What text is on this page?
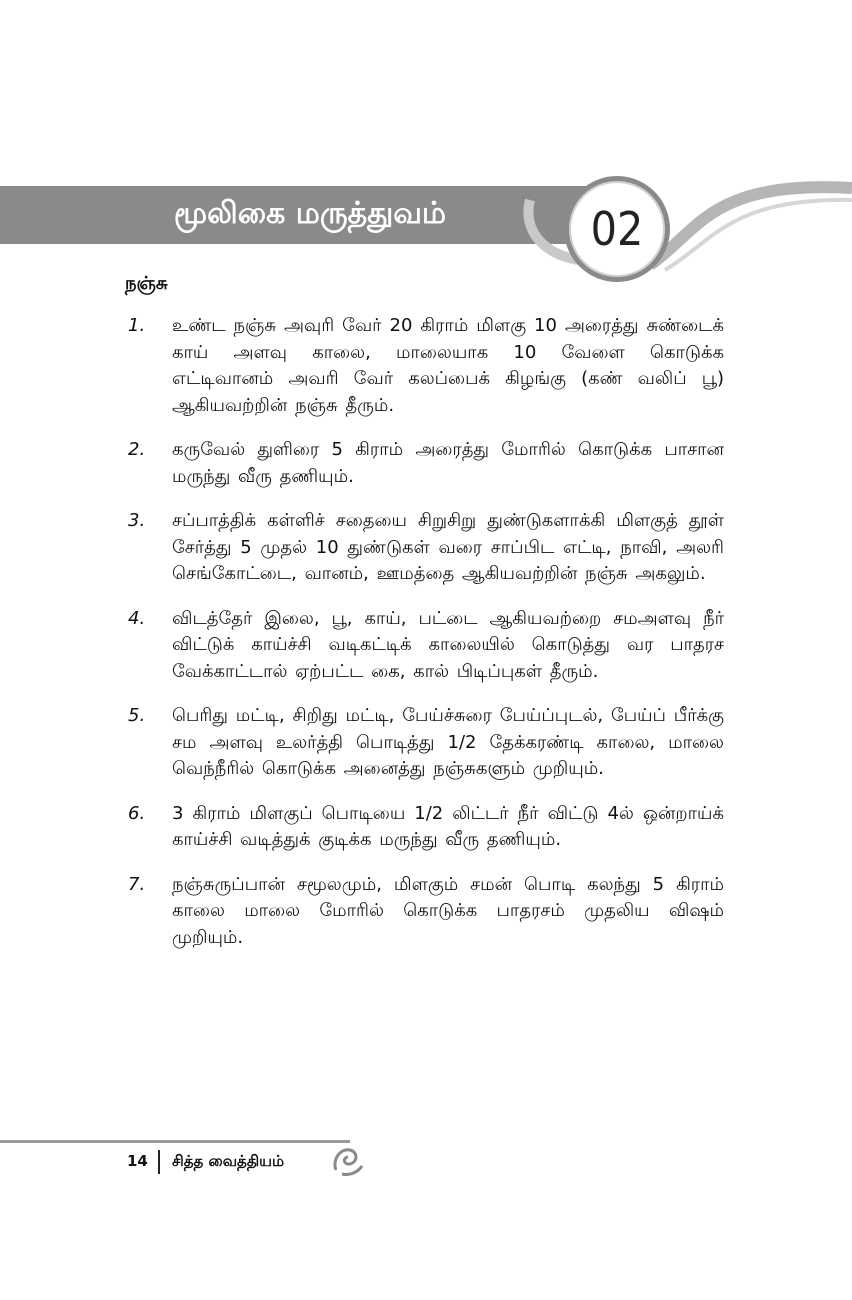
மூலிகை மருத்துவம்	02
நஞ்சு
1.	உண்ட நஞ்சு அவுரி வேர் 20 கிராம் மிளகு 10 அரைத்து சுண்டைக் காய் அளவு காலை, மாலையாக 10 வேளை கொடுக்க எட்டிவானம் அவரி வேர் கலப்பைக் கிழங்கு (கண் வலிப் பூ) ஆகியவற்றின் நஞ்சு தீரும்.
2.	கருவேல் துளிரை 5 கிராம் அரைத்து மோரில் கொடுக்க பாசான மருந்து வீரு தணியும்.
3.	சப்பாத்திக் கள்ளிச் சதையை சிறுசிறு துண்டுகளாக்கி மிளகுத் தூள் சேர்த்து 5 முதல் 10 துண்டுகள் வரை சாப்பிட எட்டி, நாவி, அலரி செங்கோட்டை, வானம், ஊமத்தை ஆகியவற்றின் நஞ்சு அகலும்.
4.	விடத்தேர் இலை, பூ, காய், பட்டை ஆகியவற்றை சமஅளவு நீர் விட்டுக் காய்ச்சி வடிகட்டிக் காலையில் கொடுத்து வர பாதரச வேக்காட்டால் ஏற்பட்ட கை, கால் பிடிப்புகள் தீரும்.
5.	பெரிது மட்டி, சிறிது மட்டி, பேய்ச்சுரை பேய்ப்புடல், பேய்ப் பீர்க்கு சம அளவு உலர்த்தி பொடித்து 1/2 தேக்கரண்டி காலை, மாலை வெந்நீரில் கொடுக்க அனைத்து நஞ்சுகளும் முறியும்.
6.	3 கிராம் மிளகுப் பொடியை 1/2 லிட்டர் நீர் விட்டு 4ல் ஒன்றாய்க் காய்ச்சி வடித்துக் குடிக்க மருந்து வீரு தணியும்.
7.	நஞ்சுருப்பான் சமூலமும், மிளகும் சமன் பொடி கலந்து 5 கிராம் காலை மாலை மோரில் கொடுக்க பாதரசம் முதலிய விஷம் முறியும்.
14 சித்த வைத்தியம்
